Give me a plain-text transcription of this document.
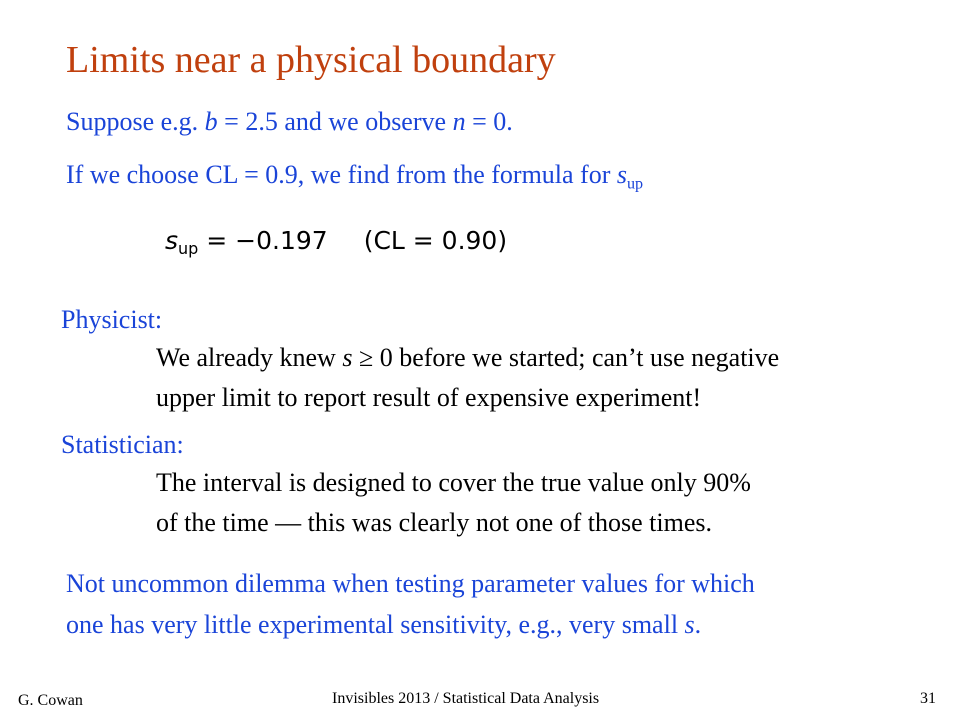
Limits near a physical boundary
Suppose e.g. b = 2.5 and we observe n = 0.
If we choose CL = 0.9, we find from the formula for $s_{up}$
$s_{up} = -0.197$ (CL = 0.90)
Physicist:
We already knew s ≥ 0 before we started; can’t use negative
upper limit to report result of expensive experiment!
Statistician:
The interval is designed to cover the true value only 90%
of the time — this was clearly not one of those times.
Not uncommon dilemma when testing parameter values for which
one has very little experimental sensitivity, e.g., very small s.
G. Cowan	Invisibles 2013 / Statistical Data Analysis	31
